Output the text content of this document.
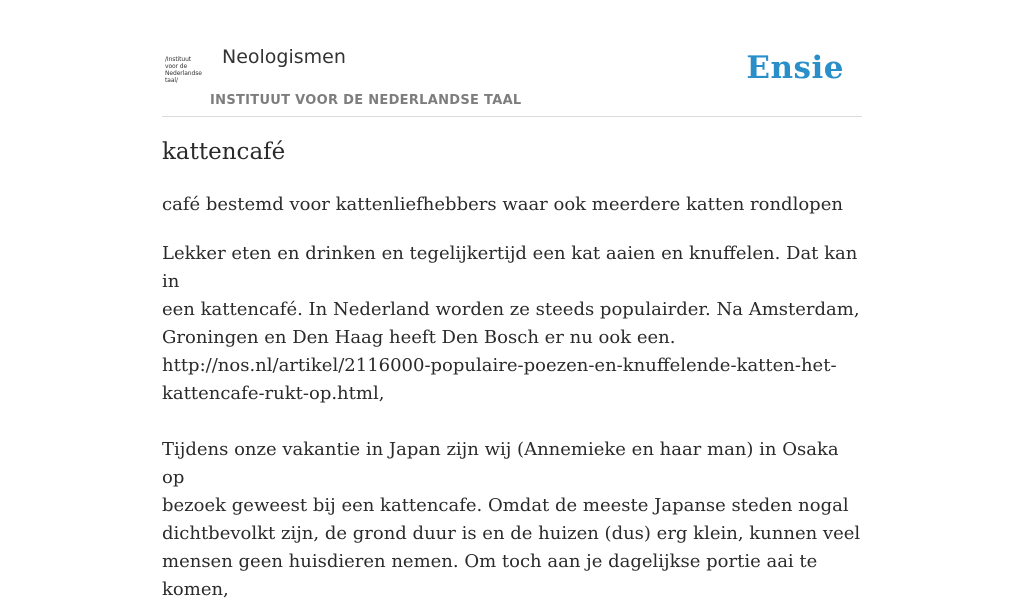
/Instituut
voor de
Nederlandse
taal/
Neologismen
INSTITUUT VOOR DE NEDERLANDSE TAAL
Ensie
kattencafé
café bestemd voor kattenliefhebbers waar ook meerdere katten rondlopen

Lekker eten en drinken en tegelijkertijd een kat aaien en knuffelen. Dat kan in
een kattencafé. In Nederland worden ze steeds populairder. Na Amsterdam,
Groningen en Den Haag heeft Den Bosch er nu ook een.
http://nos.nl/artikel/2116000-populaire-poezen-en-knuffelende-katten-het-
kattencafe-rukt-op.html,

Tijdens onze vakantie in Japan zijn wij (Annemieke en haar man) in Osaka op
bezoek geweest bij een kattencafe. Omdat de meeste Japanse steden nogal
dichtbevolkt zijn, de grond duur is en de huizen (dus) erg klein, kunnen veel
mensen geen huisdieren nemen. Om toch aan je dagelijkse portie aai te komen,
